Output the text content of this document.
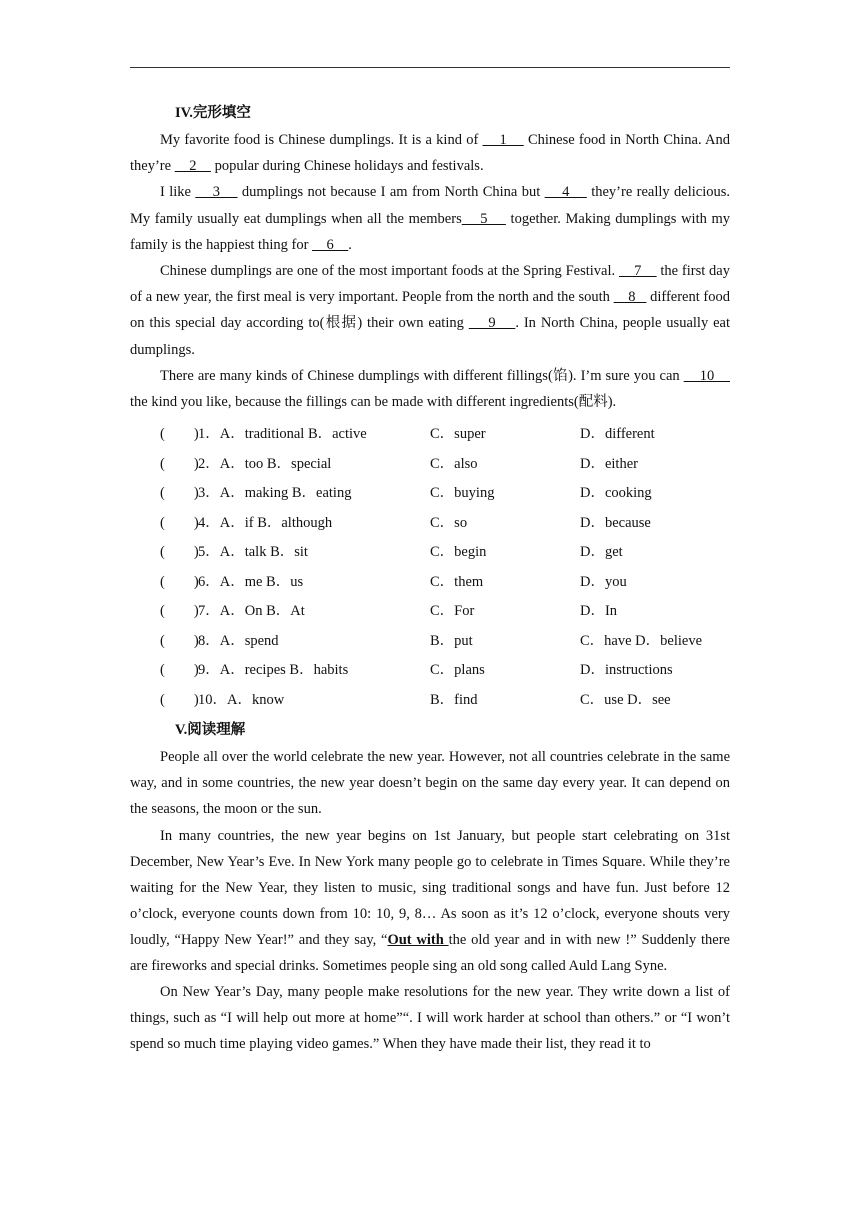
IV.完形填空

My favorite food is Chinese dumplings. It is a kind of     1     Chinese food in North China. And they’re     2     popular during Chinese holidays and festivals.

I like     3     dumplings not because I am from North China but     4     they’re really delicious. My family usually eat dumplings when all the members    5     together. Making dumplings with my family is the happiest thing for     6    .

Chinese dumplings are one of the most important foods at the Spring Festival.     7     the first day of a new year, the first meal is very important. People from the north and the south     8    different food on this special day according to(根据) their own eating     9    . In North China, people usually eat dumplings.

There are many kinds of Chinese dumplings with different fillings(馅). I’m sure you can     10     the kind you like, because the fillings can be made with different ingredients(配料).

(　　) 1．A．traditional B．active	C．super	D．different
(　　) 2．A．too B．special	C．also	D．either
(　　) 3．A．making B．eating	C．buying	D．cooking
(　　) 4．A．if B．although	C．so	D．because
(　　) 5．A．talk B．sit	C．begin	D．get
(　　) 6．A．me B．us	C．them	D．you
(　　) 7．A．On B．At	C．For	D．In
(　　) 8．A．spend	B．put	C．have D．believe
(　　) 9．A．recipes B．habits	C．plans	D．instructions
(　　) 10．A．know	B．find	C．use D．see
V.阅读理解

People all over the world celebrate the new year. However, not all countries celebrate in the same way, and in some countries, the new year doesn’t begin on the same day every year. It can depend on the seasons, the moon or the sun.

In many countries, the new year begins on 1st January, but people start celebrating on 31st December, New Year’s Eve. In New York many people go to celebrate in Times Square. While they’re waiting for the New Year, they listen to music, sing traditional songs and have fun. Just before 12 o’clock, everyone counts down from 10: 10, 9, 8… As soon as it’s 12 o’clock, everyone shouts very loudly, “Happy New Year!” and they say, “Out with the old year and in with new !” Suddenly there are fireworks and special drinks. Sometimes people sing an old song called Auld Lang Syne.

On New Year’s Day, many people make resolutions for the new year. They write down a list of things, such as “I will help out more at home”“. I will work harder at school than others.” or “I won’t spend so much time playing video games.” When they have made their list, they read it to
